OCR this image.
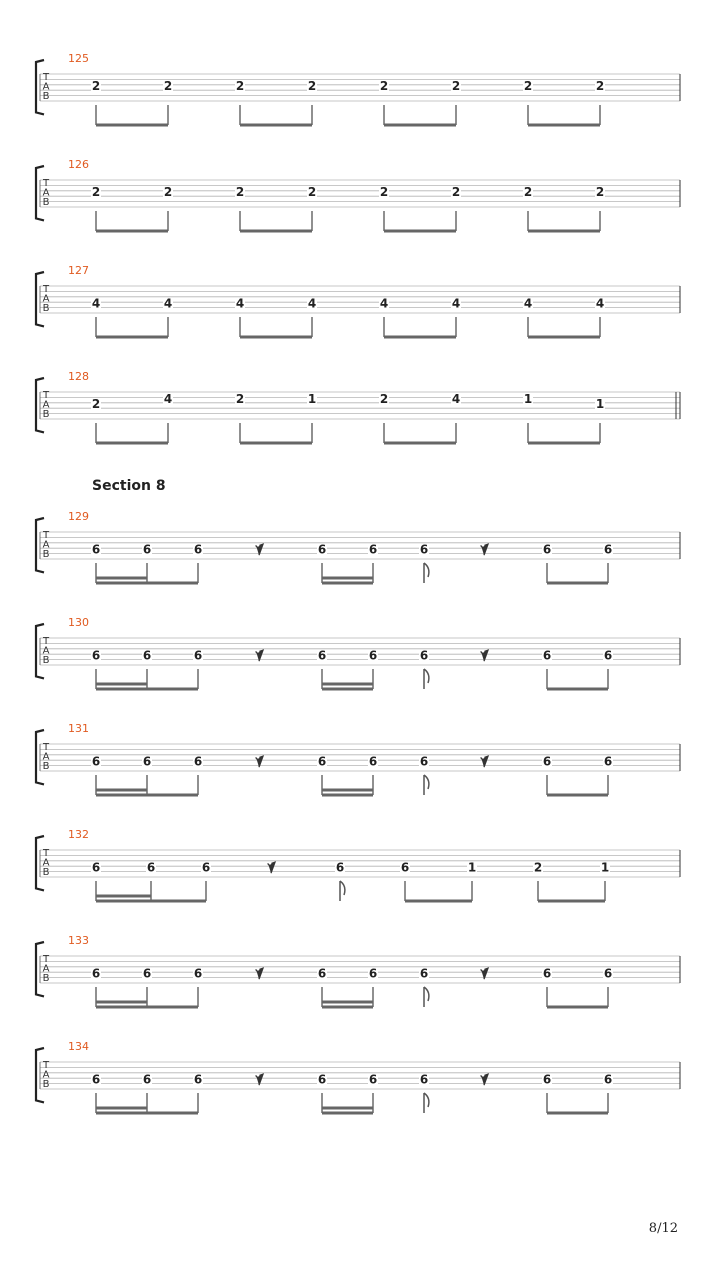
T
A
B
125
2	2	2	2	2	2	2	2
T
A
B
126
2	2	2	2	2	2	2	2
T
A
B
127
4	4	4	4	4	4	4	4
T
A
B
128
2	4	2	1	2	4	1	1
T
A
B
129
6	6	6	6	6	6	6	6
T
A
B
130
6	6	6	6	6	6	6	6
T
A
B
131
6	6	6	6	6	6	6	6
T
A
B
132
6	6	6	6	6	1	2	1
T
A
B
133
6	6	6	6	6	6	6	6
T
A
B
134
6	6	6	6	6	6	6	6
Section 8
8/12
